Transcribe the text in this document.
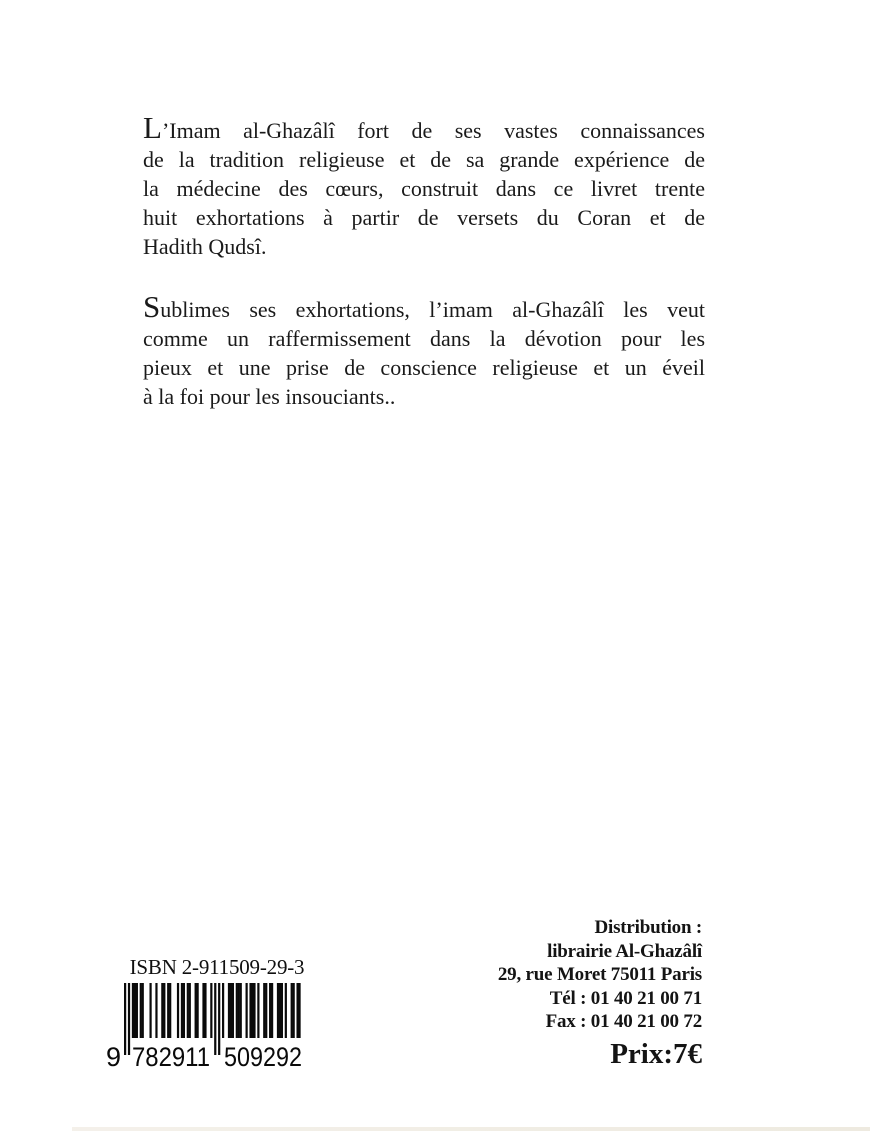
L’Imam al-Ghazâlî fort de ses vastes connaissances
de la tradition religieuse et de sa grande expérience de
la médecine des cœurs, construit dans ce livret trente
huit exhortations à partir de versets du Coran et de
Hadith Qudsî.
Sublimes ses exhortations, l’imam al-Ghazâlî les veut
comme un raffermissement dans la dévotion pour les
pieux et une prise de conscience religieuse et un éveil
à la foi pour les insouciants..
ISBN 2-911509-29-3
9 782911 509292
Distribution :
librairie Al-Ghazâlî
29, rue Moret 75011 Paris
Tél : 01 40 21 00 71
Fax : 01 40 21 00 72
Prix:7€
